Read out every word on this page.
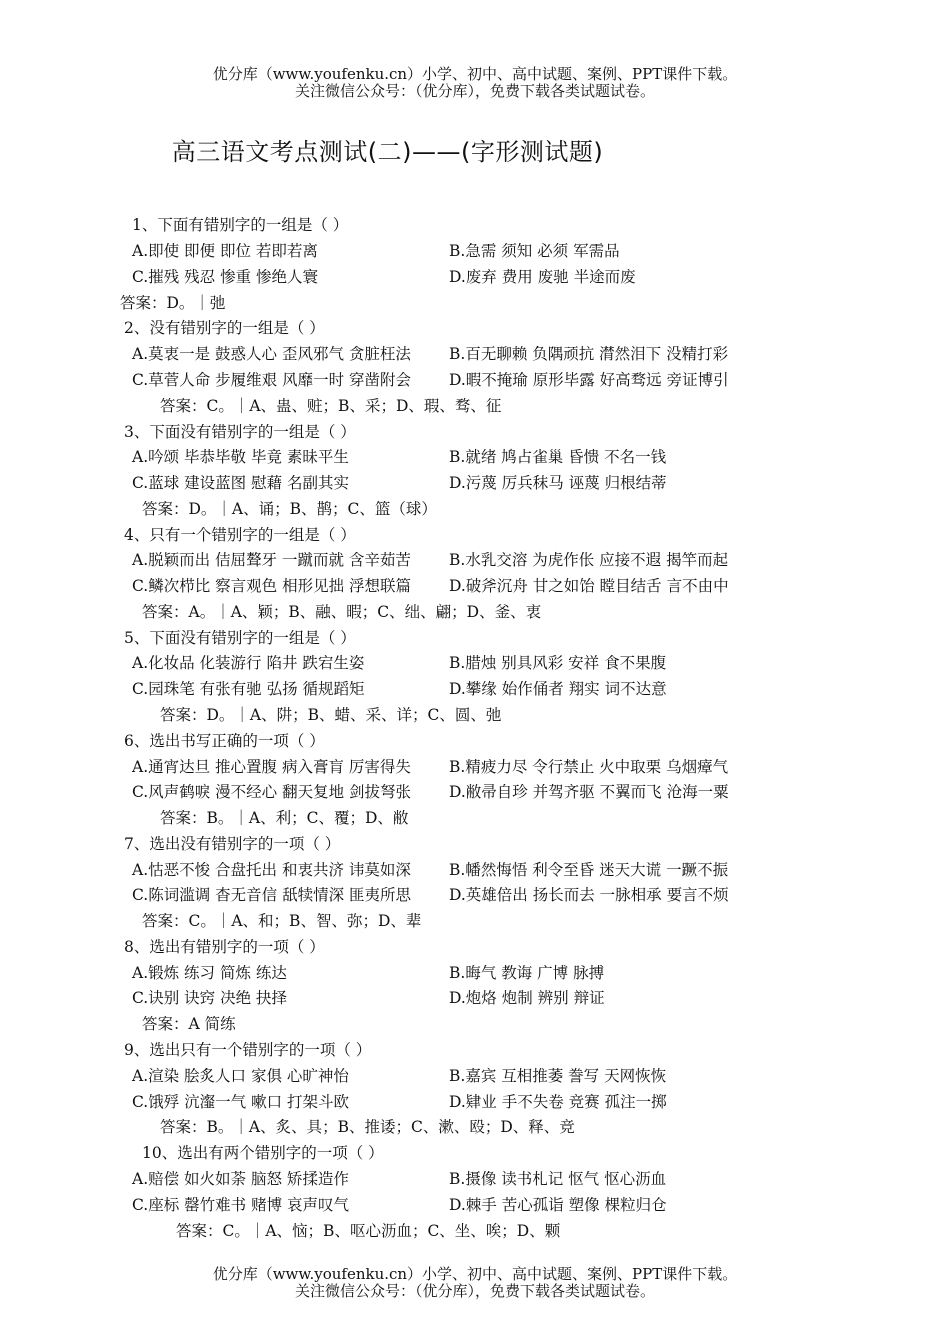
优分库（www.youfenku.cn）小学、初中、高中试题、案例、PPT课件下载。
关注微信公众号：（优分库），免费下载各类试题试卷。
高三语文考点测试(二)——(字形测试题)
1、下面有错别字的一组是（ ）
A.即使 即便 即位 若即若离	B.急需 须知 必须 军需品
C.摧残 残忍 惨重 惨绝人寰	D.废弃 费用 废驰 半途而废
答案：D。｜弛
2、没有错别字的一组是（ ）
A.莫衷一是 鼓惑人心 歪风邪气 贪脏枉法 B.百无聊赖 负隅顽抗 潸然泪下 没精打彩
C.草菅人命 步履维艰 风靡一时 穿凿附会 D.暇不掩瑜 原形毕露 好高骛远 旁证博引
答案：C。｜A、蛊、赃；B、采；D、瑕、骛、征
3、下面没有错别字的一组是（ ）
A.吟颂 毕恭毕敬 毕竟 素昧平生	B.就绪 鸠占雀巢 昏愦 不名一钱
C.蓝球 建设蓝图 慰藉 名副其实	D.污蔑 厉兵秣马 诬蔑 归根结蒂
答案：D。｜A、诵；B、鹊；C、篮（球）
4、只有一个错别字的一组是（ ）
A.脱颖而出 佶屈聱牙 一蹴而就 含辛茹苦 B.水乳交溶 为虎作伥 应接不遐 揭竿而起
C.鳞次栉比 察言观色 相形见拙 浮想联篇 D.破斧沉舟 甘之如饴 瞠目结舌 言不由中
答案：A。｜A、颖；B、融、暇；C、绌、翩；D、釜、衷
5、下面没有错别字的一组是（ ）
A.化妆品 化装游行 陷井 跌宕生姿	B.腊烛 别具风彩 安祥 食不果腹
C.园珠笔 有张有驰 弘扬 循规蹈矩	D.攀缘 始作俑者 翔实 词不达意
答案：D。｜A、阱；B、蜡、采、详；C、圆、弛
6、选出书写正确的一项（ ）
A.通宵达旦 推心置腹 病入膏肓 厉害得失 B.精疲力尽 令行禁止 火中取栗 乌烟瘴气
C.风声鹤唳 漫不经心 翻天复地 剑拔弩张 D.敝帚自珍 并驾齐驱 不翼而飞 沧海一粟
答案：B。｜A、利；C、覆；D、敝
7、选出没有错别字的一项（ ）
A.怙恶不悛 合盘托出 和衷共济 讳莫如深 B.幡然悔悟 利令至昏 迷天大谎 一蹶不振
C.陈词滥调 杳无音信 舐犊情深 匪夷所思 D.英雄倍出 扬长而去 一脉相承 要言不烦
答案：C。｜A、和；B、智、弥；D、辈
8、选出有错别字的一项（ ）
A.锻炼 练习 简炼 练达	B.晦气 教诲 广博 脉搏
C.诀别 诀窍 决绝 抉择	D.炮烙 炮制 辨别 辩证
答案：A 简练
9、选出只有一个错别字的一项（ ）
A.渲染 脍炙人口 家俱 心旷神怡	B.嘉宾 互相推萎 誊写 天网恢恢
C.饿殍 沆瀣一气 嗽口 打架斗欧	D.肄业 手不失卷 竞赛 孤注一掷
答案：B。｜A、炙、具；B、推诿；C、漱、殴；D、释、竞
10、选出有两个错别字的一项（ ）
A.赔偿 如火如荼 脑怒 矫揉造作	B.摄像 读书札记 怄气 怄心沥血
C.座标 罄竹难书 赌博 哀声叹气	D.棘手 苦心孤诣 塑像 棵粒归仓
答案：C。｜A、恼；B、呕心沥血；C、坐、唉；D、颗
优分库（www.youfenku.cn）小学、初中、高中试题、案例、PPT课件下载。
关注微信公众号：（优分库），免费下载各类试题试卷。
